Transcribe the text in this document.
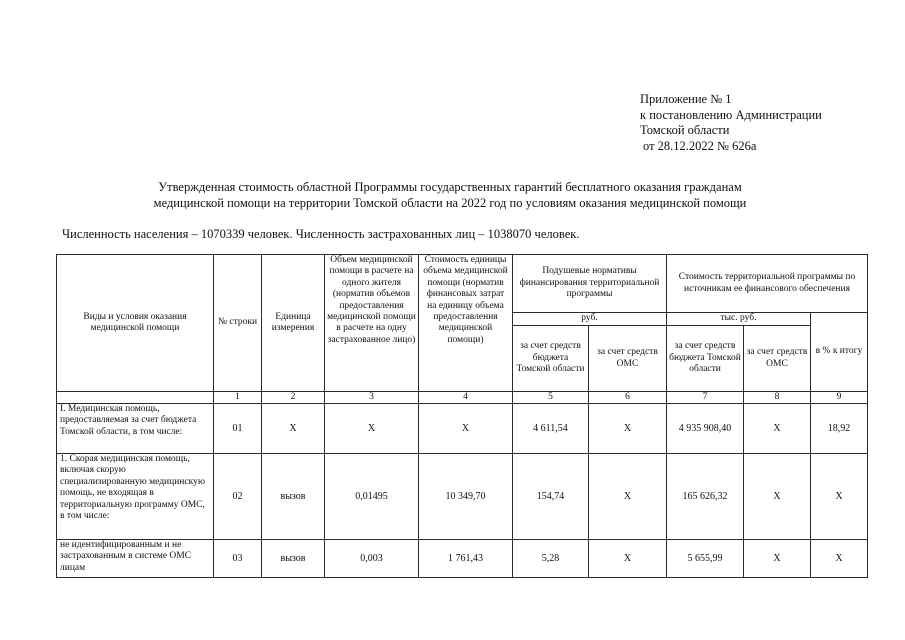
Приложение № 1
к постановлению Администрации
Томской области
от 28.12.2022 № 626а
Утвержденная стоимость областной Программы государственных гарантий бесплатного оказания гражданам
медицинской помощи на территории Томской области на 2022 год по условиям оказания медицинской помощи
Численность населения – 1070339 человек. Численность застрахованных лиц – 1038070 человек.
Виды и условия оказания медицинской помощи	№ строки	Единица измерения	Объем медицинской помощи в расчете на одного жителя (норматив объемов предоставления медицинской помощи в расчете на одну застрахованное лицо)	Стоимость единицы объема медицинской помощи (норматив финансовых затрат на единицу объема предоставления медицинской помощи)	Подушевые нормативы финансирования территориальной программы		Стоимость территориальной программы по источникам ее финансового обеспечения		
					руб.		тыс. руб.		в % к итогу
					за счет средств бюджета Томской области	за счет средств ОМС	за счет средств бюджета Томской области	за счет средств ОМС	
	1	2	3	4	5	6	7	8	9
I. Медицинская помощь, предоставляемая за счет бюджета Томской области, в том числе:	01	Х	Х	Х	4 611,54	Х	4 935 908,40	Х	18,92
1. Скорая медицинская помощь, включая скорую специализированную медицинскую помощь, не входящая в территориальную программу ОМС, в том числе:	02	вызов	0,01495	10 349,70	154,74	Х	165 626,32	Х	Х
не идентифицированным и не застрахованным в системе ОМС лицам	03	вызов	0,003	1 761,43	5,28	Х	5 655,99	Х	Х
